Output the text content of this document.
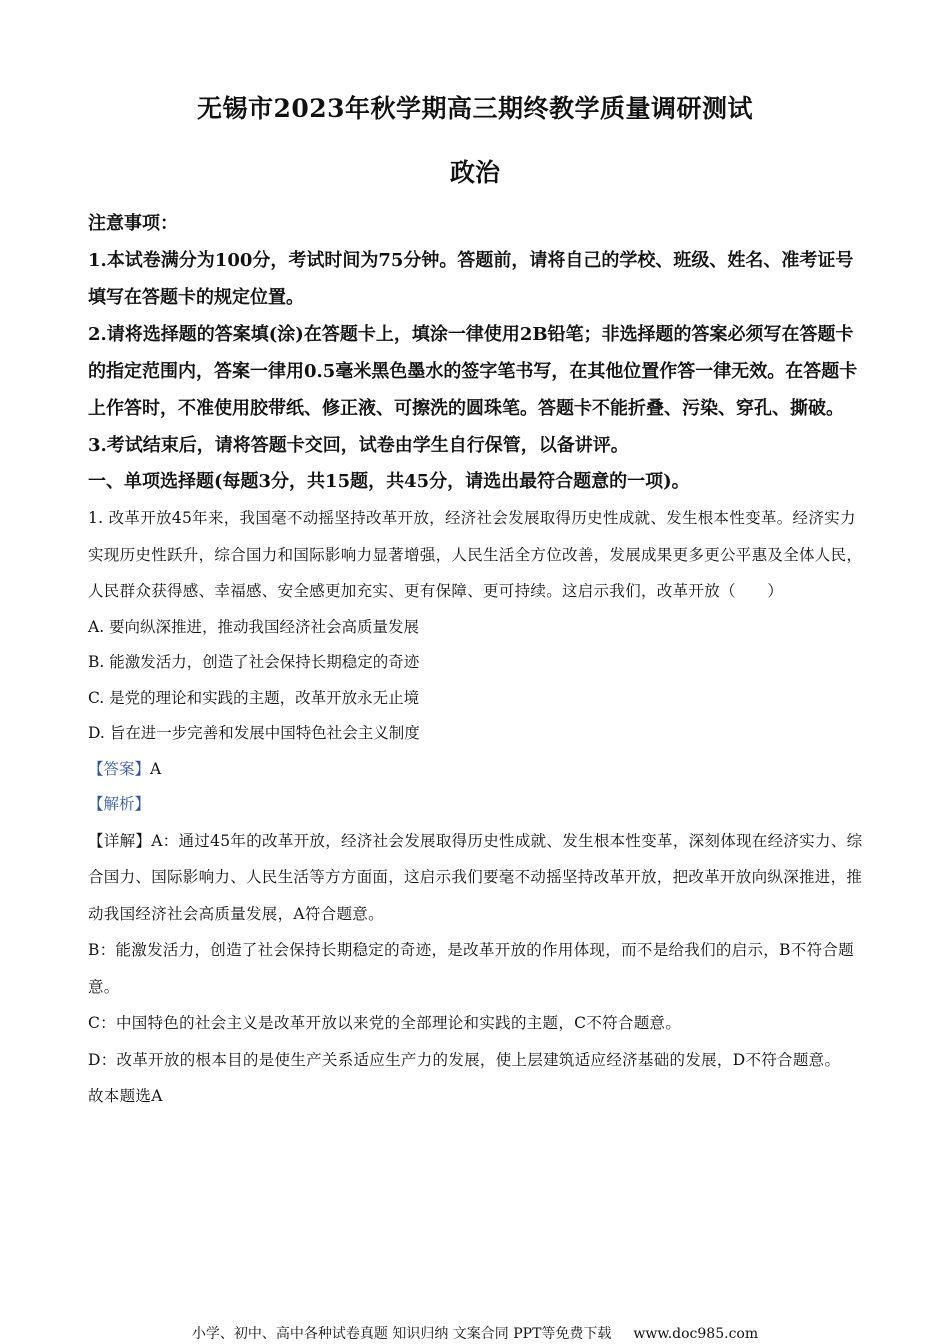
无锡市2023年秋学期高三期终教学质量调研测试
政治

注意事项：

1.本试卷满分为100分，考试时间为75分钟。答题前，请将自己的学校、班级、姓名、准考证号填写在答题卡的规定位置。

2.请将选择题的答案填(涂)在答题卡上，填涂一律使用2B铅笔；非选择题的答案必须写在答题卡的指定范围内，答案一律用0.5毫米黑色墨水的签字笔书写，在其他位置作答一律无效。在答题卡上作答时，不准使用胶带纸、修正液、可擦洗的圆珠笔。答题卡不能折叠、污染、穿孔、撕破。

3.考试结束后，请将答题卡交回，试卷由学生自行保管，以备讲评。

一、单项选择题(每题3分，共15题，共45分，请选出最符合题意的一项)。

1. 改革开放45年来，我国毫不动摇坚持改革开放，经济社会发展取得历史性成就、发生根本性变革。经济实力实现历史性跃升，综合国力和国际影响力显著增强，人民生活全方位改善，发展成果更多更公平惠及全体人民，人民群众获得感、幸福感、安全感更加充实、更有保障、更可持续。这启示我们，改革开放（　　）

A. 要向纵深推进，推动我国经济社会高质量发展

B. 能激发活力，创造了社会保持长期稳定的奇迹

C. 是党的理论和实践的主题，改革开放永无止境

D. 旨在进一步完善和发展中国特色社会主义制度

【答案】A

【解析】

【详解】A：通过45年的改革开放，经济社会发展取得历史性成就、发生根本性变革，深刻体现在经济实力、综合国力、国际影响力、人民生活等方方面面，这启示我们要毫不动摇坚持改革开放，把改革开放向纵深推进，推动我国经济社会高质量发展，A符合题意。

B：能激发活力，创造了社会保持长期稳定的奇迹，是改革开放的作用体现，而不是给我们的启示，B不符合题意。

C：中国特色的社会主义是改革开放以来党的全部理论和实践的主题，C不符合题意。

D：改革开放的根本目的是使生产关系适应生产力的发展，使上层建筑适应经济基础的发展，D不符合题意。

故本题选A

小学、初中、高中各种试卷真题 知识归纳 文案合同 PPT等免费下载 www.doc985.com
